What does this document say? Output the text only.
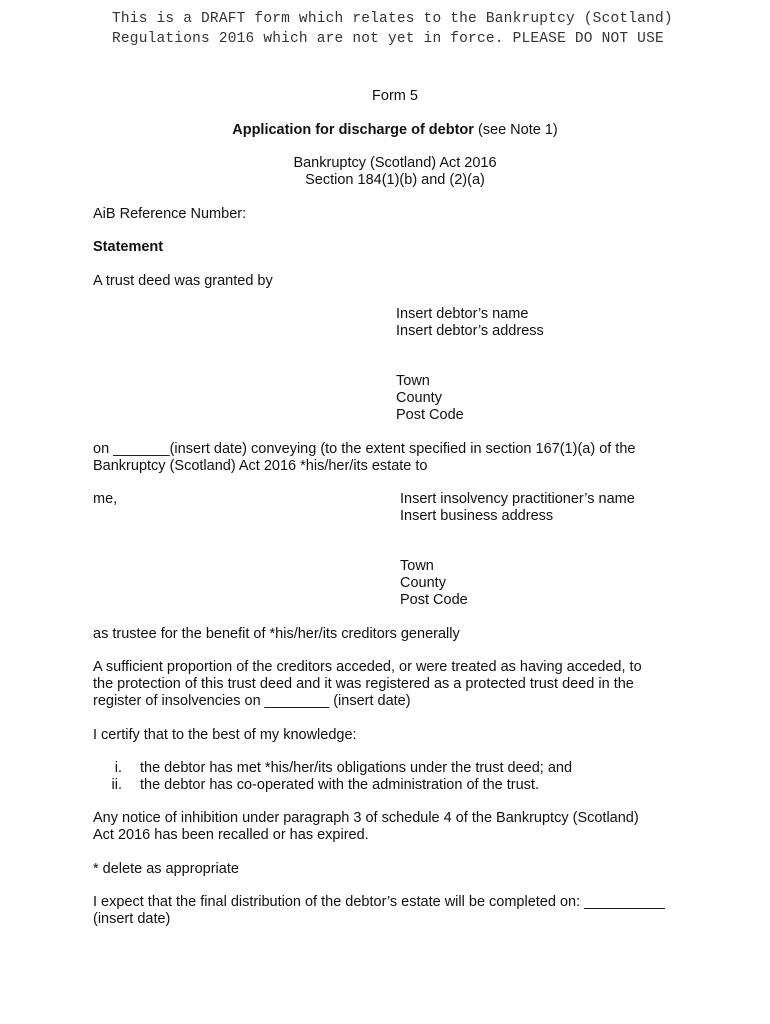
This is a DRAFT form which relates to the Bankruptcy (Scotland)
Regulations 2016 which are not yet in force. PLEASE DO NOT USE
Form 5
Application for discharge of debtor (see Note 1)
Bankruptcy (Scotland) Act 2016
Section 184(1)(b) and (2)(a)
AiB Reference Number:
Statement
A trust deed was granted by
Insert debtor’s name
Insert debtor’s address
Town
County
Post Code
on _______(insert date) conveying (to the extent specified in section 167(1)(a) of the
Bankruptcy (Scotland) Act 2016 *his/her/its estate to
me,	Insert insolvency practitioner’s name
Insert business address
Town
County
Post Code
as trustee for the benefit of *his/her/its creditors generally
A sufficient proportion of the creditors acceded, or were treated as having acceded, to
the protection of this trust deed and it was registered as a protected trust deed in the
register of insolvencies on ________ (insert date)
I certify that to the best of my knowledge:
i. the debtor has met *his/her/its obligations under the trust deed; and
ii. the debtor has co-operated with the administration of the trust.
Any notice of inhibition under paragraph 3 of schedule 4 of the Bankruptcy (Scotland)
Act 2016 has been recalled or has expired.
* delete as appropriate
I expect that the final distribution of the debtor’s estate will be completed on: __________
(insert date)
